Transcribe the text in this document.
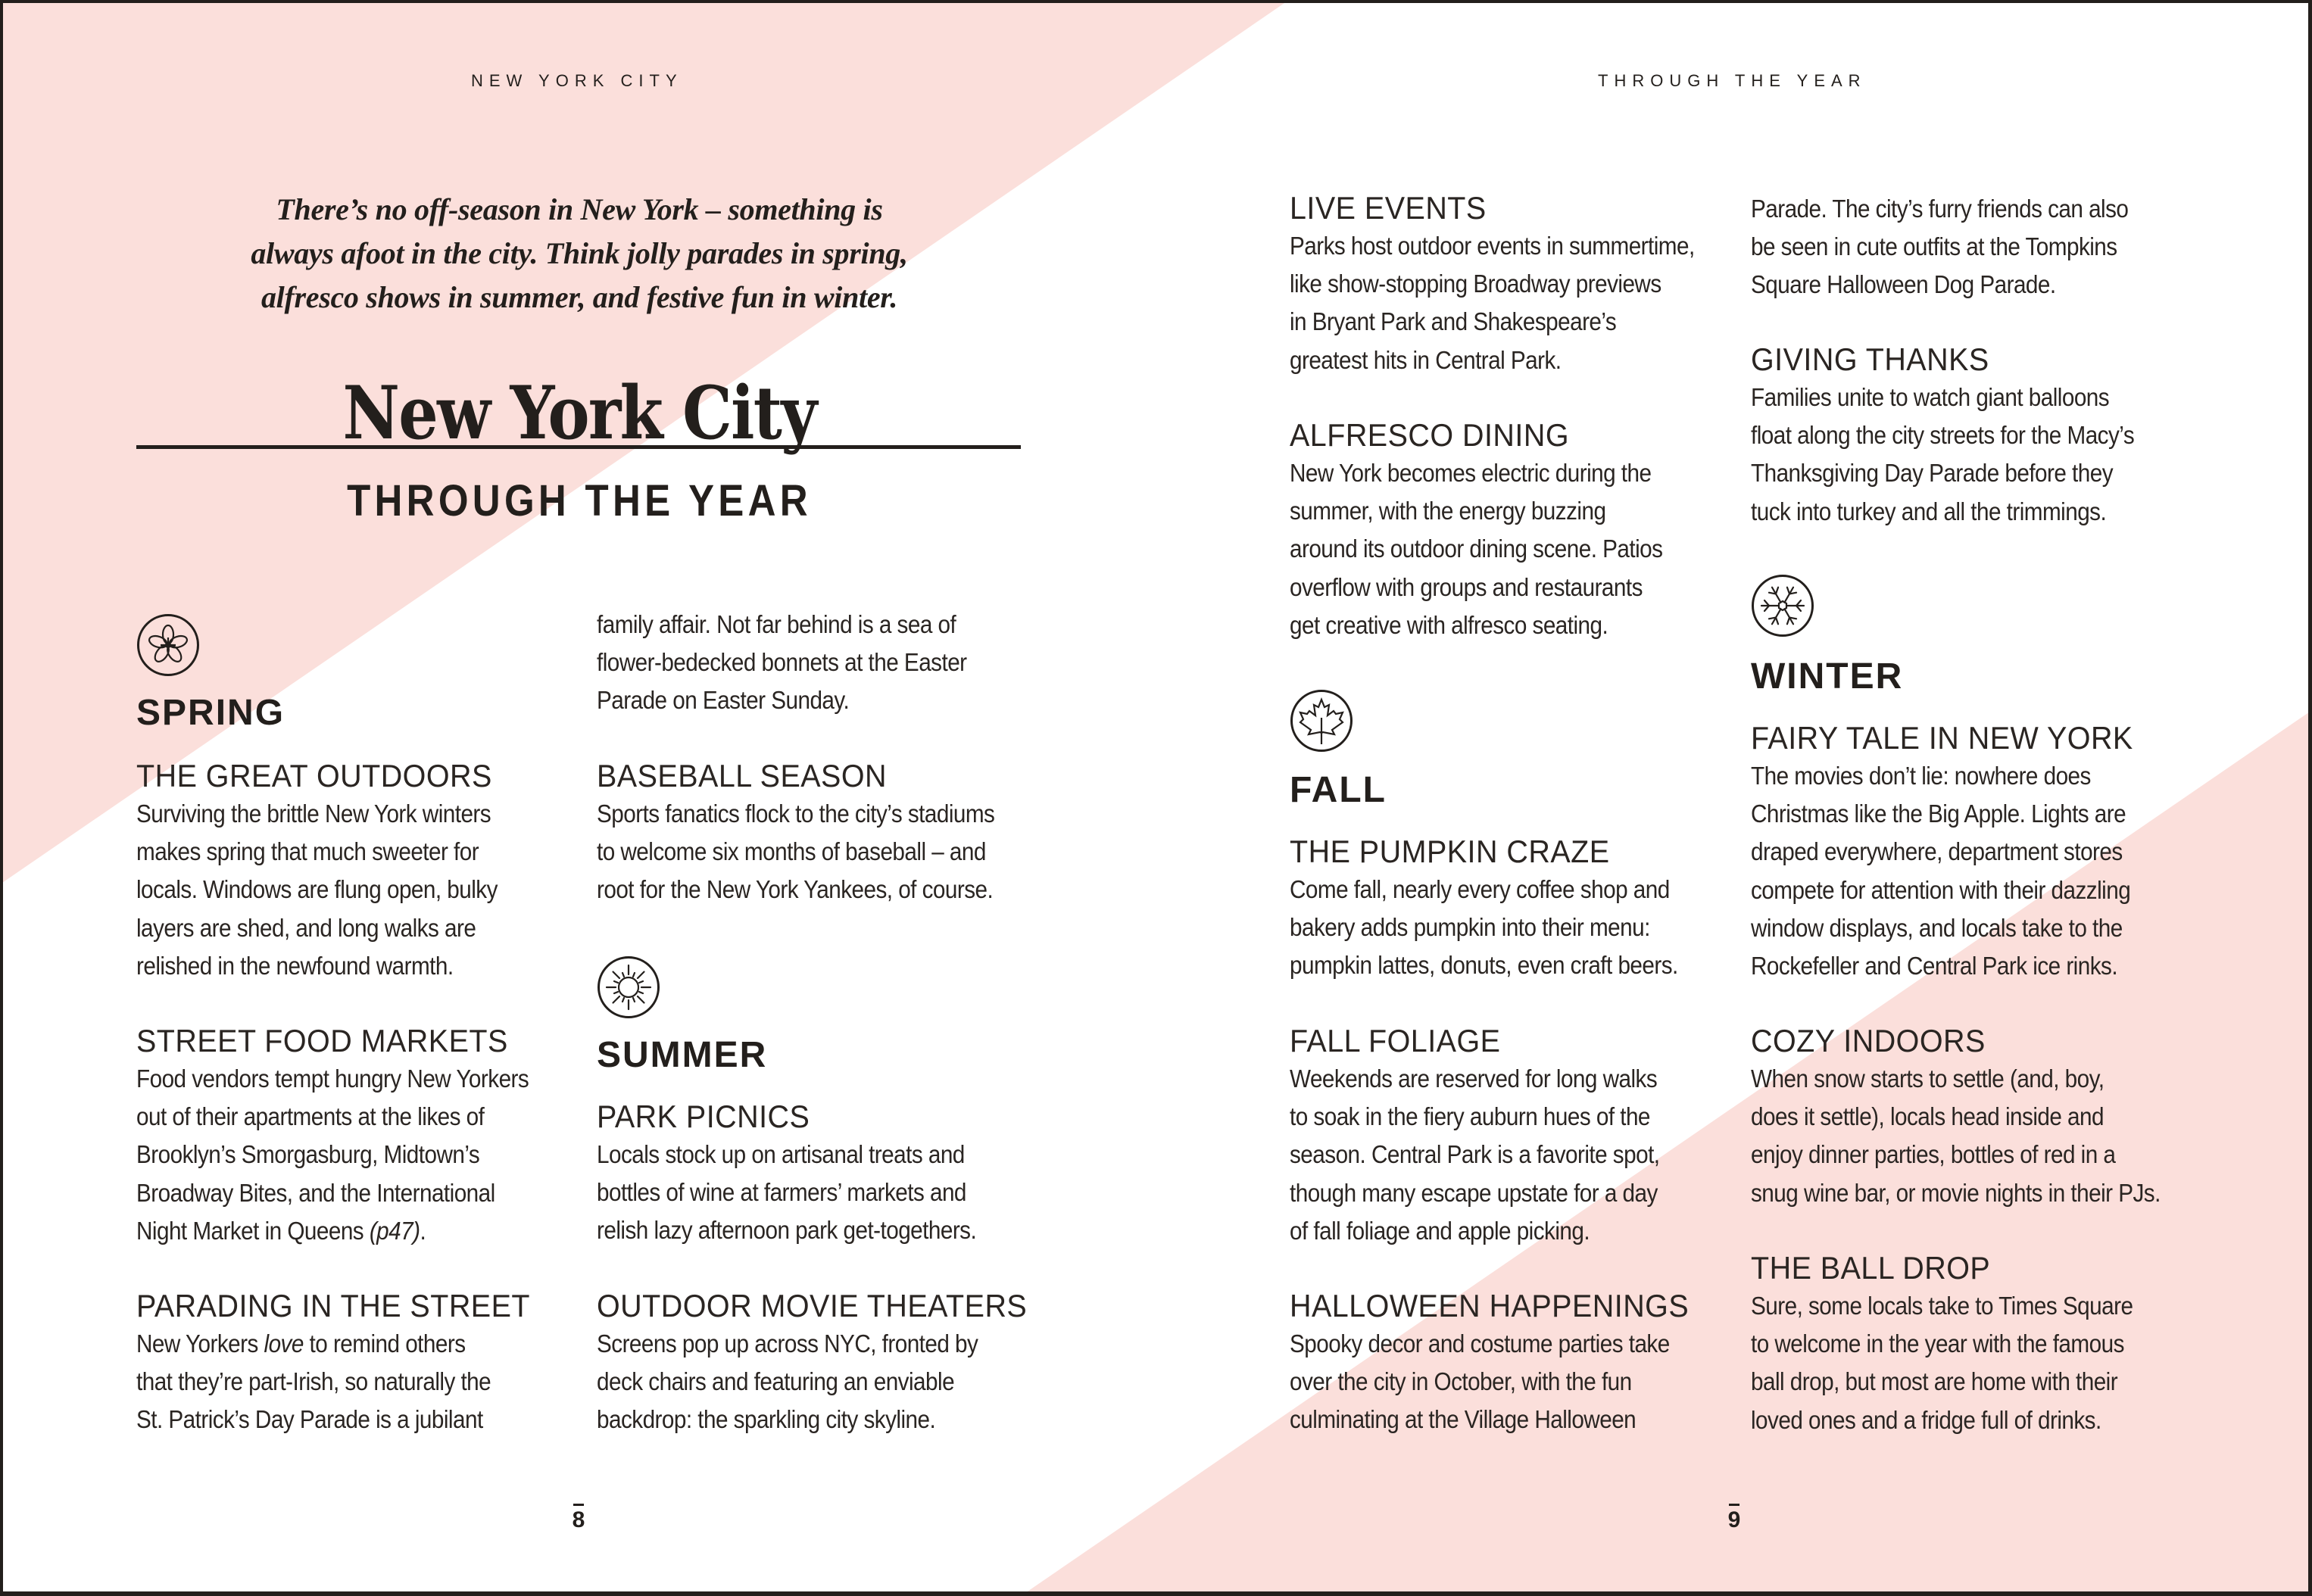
NEW YORK CITY
There’s no off-season in New York – something is
always afoot in the city. Think jolly parades in spring,
alfresco shows in summer, and festive fun in winter.
New York City
THROUGH THE YEAR
SPRING
THE GREAT OUTDOORS
Surviving the brittle New York winters
makes spring that much sweeter for
locals. Windows are flung open, bulky
layers are shed, and long walks are
relished in the newfound warmth.
STREET FOOD MARKETS
Food vendors tempt hungry New Yorkers
out of their apartments at the likes of
Brooklyn’s Smorgasburg, Midtown’s
Broadway Bites, and the International
Night Market in Queens (p47).
PARADING IN THE STREET
New Yorkers love to remind others
that they’re part-Irish, so naturally the
St. Patrick’s Day Parade is a jubilant
family affair. Not far behind is a sea of
flower-bedecked bonnets at the Easter
Parade on Easter Sunday.
BASEBALL SEASON
Sports fanatics flock to the city’s stadiums
to welcome six months of baseball – and
root for the New York Yankees, of course.
SUMMER
PARK PICNICS
Locals stock up on artisanal treats and
bottles of wine at farmers’ markets and
relish lazy afternoon park get-togethers.
OUTDOOR MOVIE THEATERS
Screens pop up across NYC, fronted by
deck chairs and featuring an enviable
backdrop: the sparkling city skyline.
8
THROUGH THE YEAR
LIVE EVENTS
Parks host outdoor events in summertime,
like show-stopping Broadway previews
in Bryant Park and Shakespeare’s
greatest hits in Central Park.
ALFRESCO DINING
New York becomes electric during the
summer, with the energy buzzing
around its outdoor dining scene. Patios
overflow with groups and restaurants
get creative with alfresco seating.
FALL
THE PUMPKIN CRAZE
Come fall, nearly every coffee shop and
bakery adds pumpkin into their menu:
pumpkin lattes, donuts, even craft beers.
FALL FOLIAGE
Weekends are reserved for long walks
to soak in the fiery auburn hues of the
season. Central Park is a favorite spot,
though many escape upstate for a day
of fall foliage and apple picking.
HALLOWEEN HAPPENINGS
Spooky decor and costume parties take
over the city in October, with the fun
culminating at the Village Halloween
Parade. The city’s furry friends can also
be seen in cute outfits at the Tompkins
Square Halloween Dog Parade.
GIVING THANKS
Families unite to watch giant balloons
float along the city streets for the Macy’s
Thanksgiving Day Parade before they
tuck into turkey and all the trimmings.
WINTER
FAIRY TALE IN NEW YORK
The movies don’t lie: nowhere does
Christmas like the Big Apple. Lights are
draped everywhere, department stores
compete for attention with their dazzling
window displays, and locals take to the
Rockefeller and Central Park ice rinks.
COZY INDOORS
When snow starts to settle (and, boy,
does it settle), locals head inside and
enjoy dinner parties, bottles of red in a
snug wine bar, or movie nights in their PJs.
THE BALL DROP
Sure, some locals take to Times Square
to welcome in the year with the famous
ball drop, but most are home with their
loved ones and a fridge full of drinks.
9
